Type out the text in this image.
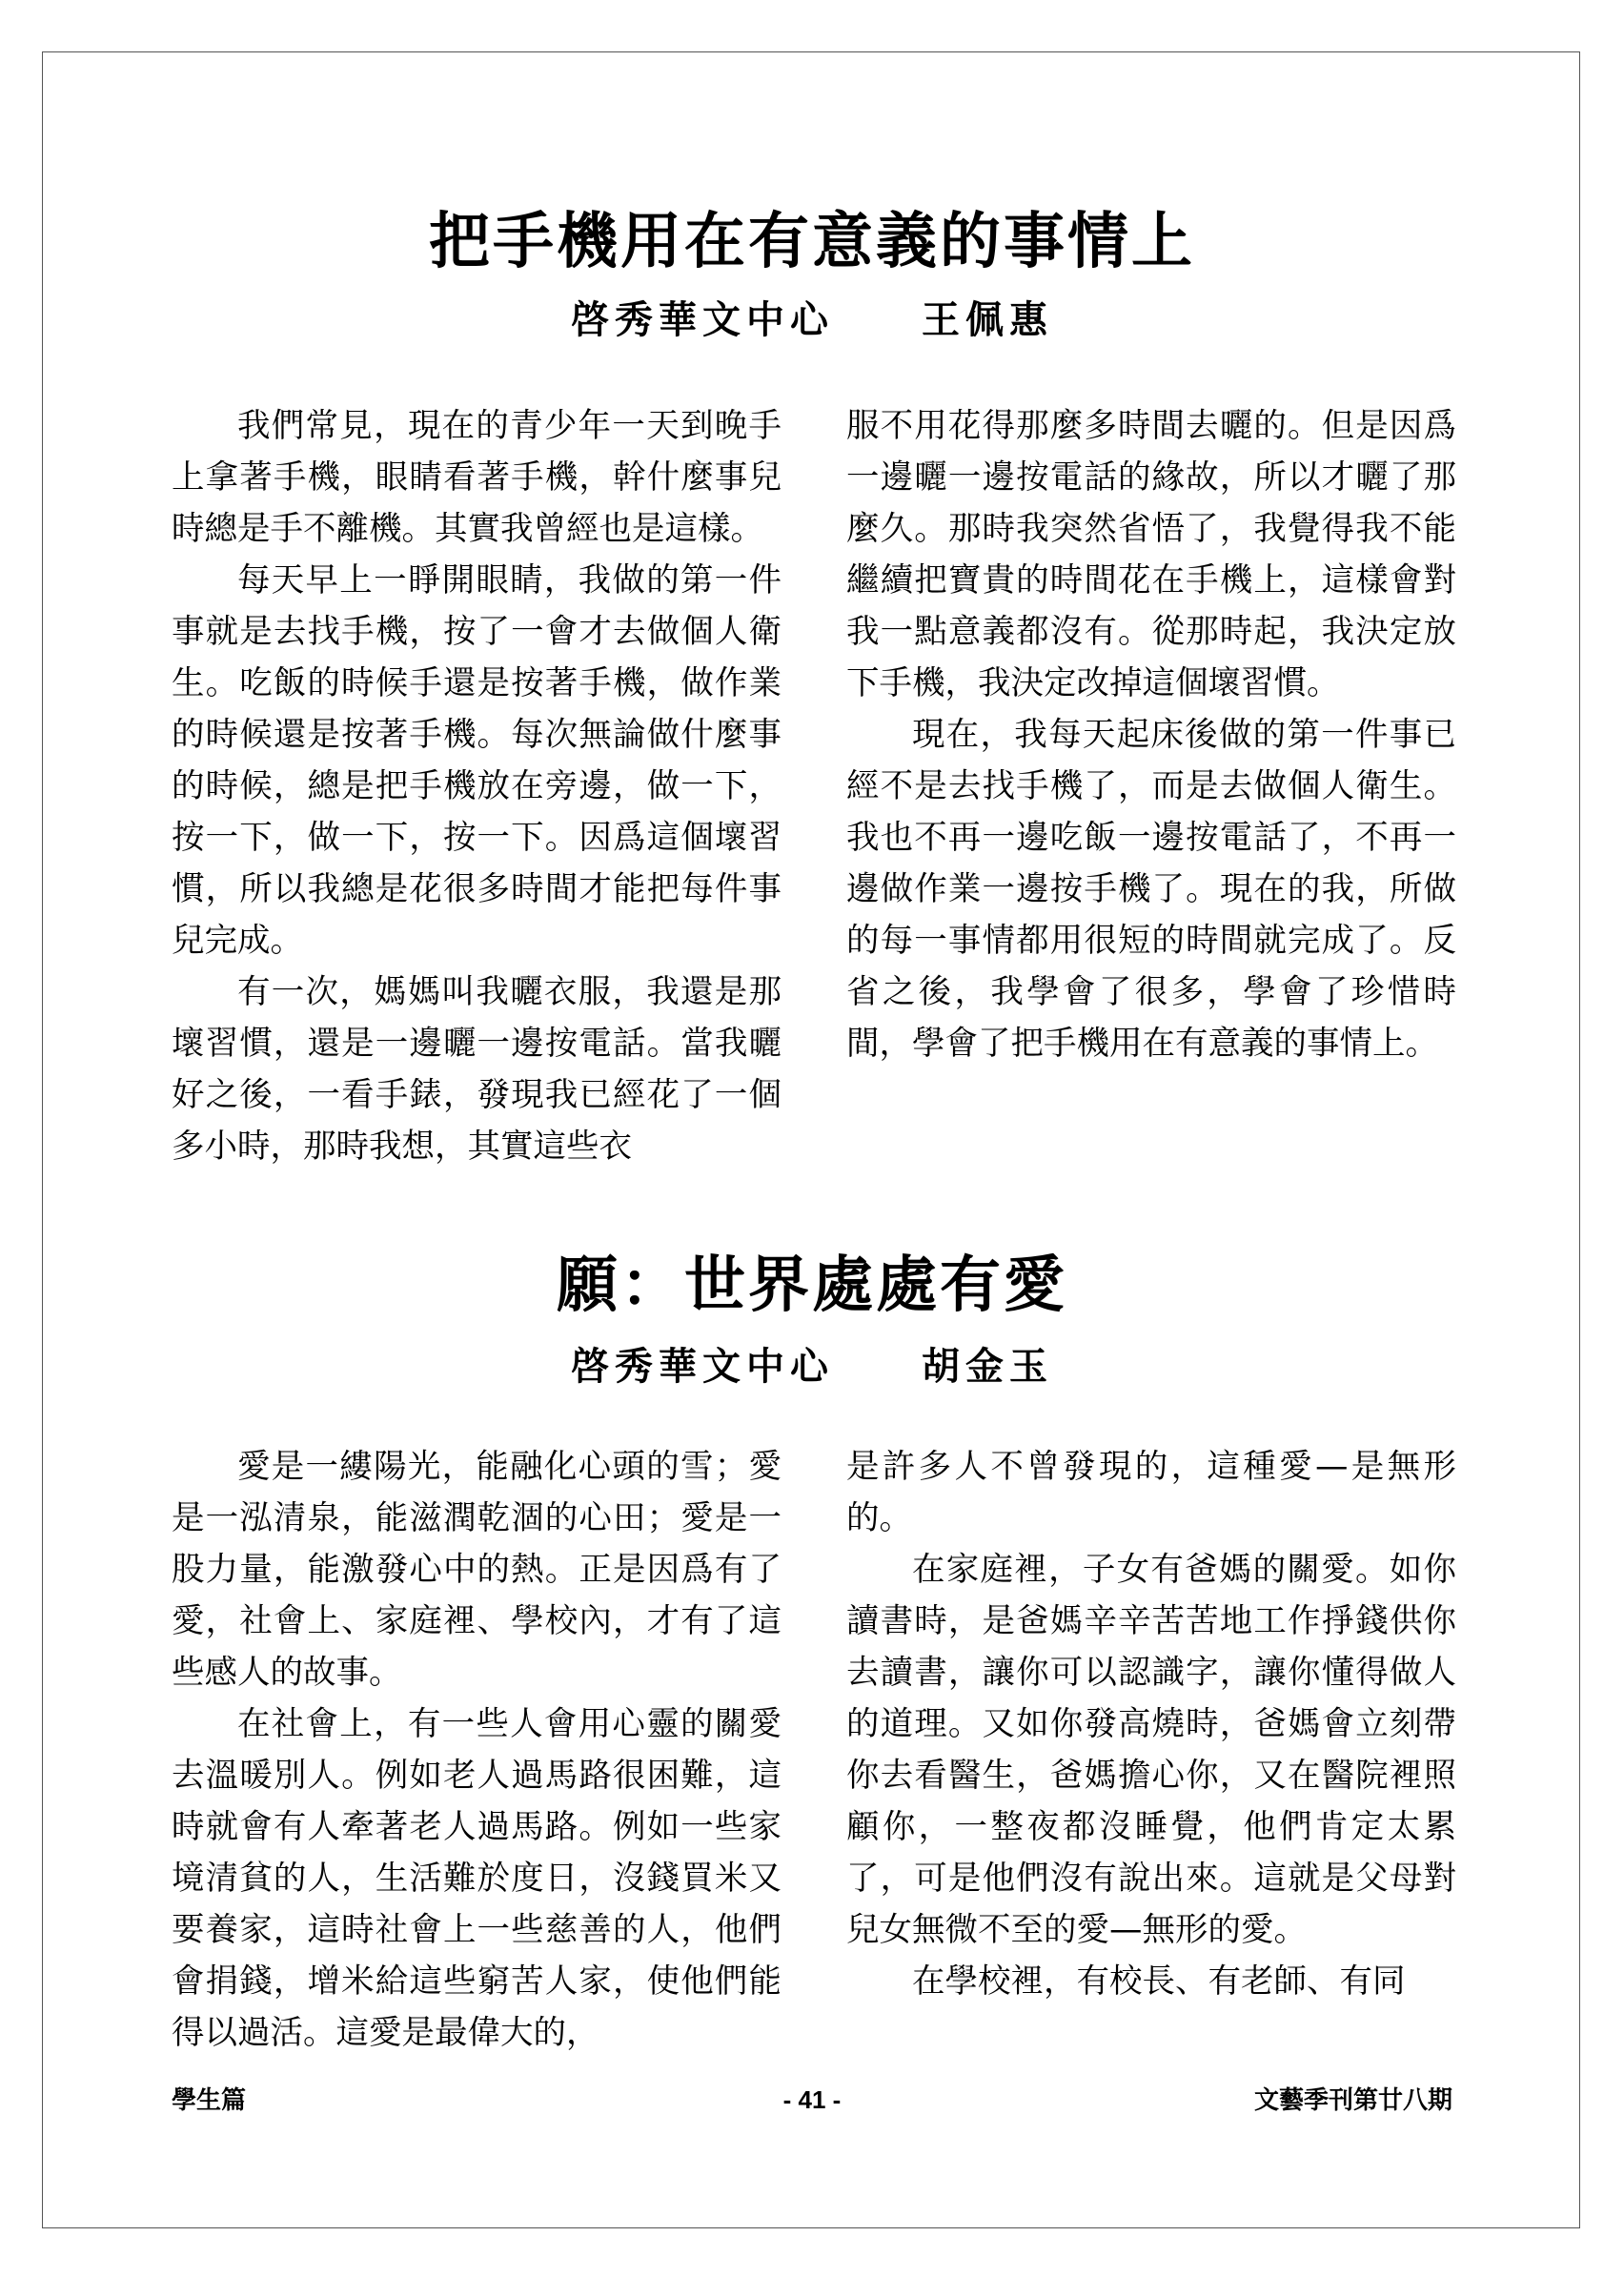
把手機用在有意義的事情上
啓秀華文中心　　王佩惠

我們常見，現在的青少年一天到晚手上拿著手機，眼睛看著手機，幹什麼事兒時總是手不離機。其實我曾經也是這樣。

每天早上一睜開眼睛，我做的第一件事就是去找手機，按了一會才去做個人衛生。吃飯的時候手還是按著手機，做作業的時候還是按著手機。每次無論做什麼事的時候，總是把手機放在旁邊，做一下，按一下，做一下，按一下。因爲這個壞習慣，所以我總是花很多時間才能把每件事兒完成。

有一次，媽媽叫我曬衣服，我還是那壞習慣，還是一邊曬一邊按電話。當我曬好之後，一看手錶，發現我已經花了一個多小時，那時我想，其實這些衣

服不用花得那麼多時間去曬的。但是因爲一邊曬一邊按電話的緣故，所以才曬了那麼久。那時我突然省悟了，我覺得我不能繼續把寶貴的時間花在手機上，這樣會對我一點意義都沒有。從那時起，我決定放下手機，我決定改掉這個壞習慣。

現在，我每天起床後做的第一件事已經不是去找手機了，而是去做個人衛生。我也不再一邊吃飯一邊按電話了，不再一邊做作業一邊按手機了。現在的我，所做的每一事情都用很短的時間就完成了。反省之後，我學會了很多，學會了珍惜時間，學會了把手機用在有意義的事情上。

願：世界處處有愛
啓秀華文中心　　胡金玉

愛是一縷陽光，能融化心頭的雪；愛是一泓清泉，能滋潤乾涸的心田；愛是一股力量，能激發心中的熱。正是因爲有了愛，社會上、家庭裡、學校內，才有了這些感人的故事。

在社會上，有一些人會用心靈的關愛去溫暖別人。例如老人過馬路很困難，這時就會有人牽著老人過馬路。例如一些家境清貧的人，生活難於度日，沒錢買米又要養家，這時社會上一些慈善的人，他們會捐錢，增米給這些窮苦人家，使他們能得以過活。這愛是最偉大的，

是許多人不曾發現的，這種愛—是無形的。

在家庭裡，子女有爸媽的關愛。如你讀書時，是爸媽辛辛苦苦地工作掙錢供你去讀書，讓你可以認識字，讓你懂得做人的道理。又如你發高燒時，爸媽會立刻帶你去看醫生，爸媽擔心你，又在醫院裡照顧你，一整夜都沒睡覺，他們肯定太累了，可是他們沒有說出來。這就是父母對兒女無微不至的愛—無形的愛。

在學校裡，有校長、有老師、有同

學生篇	- 41 -	文藝季刊第廿八期
